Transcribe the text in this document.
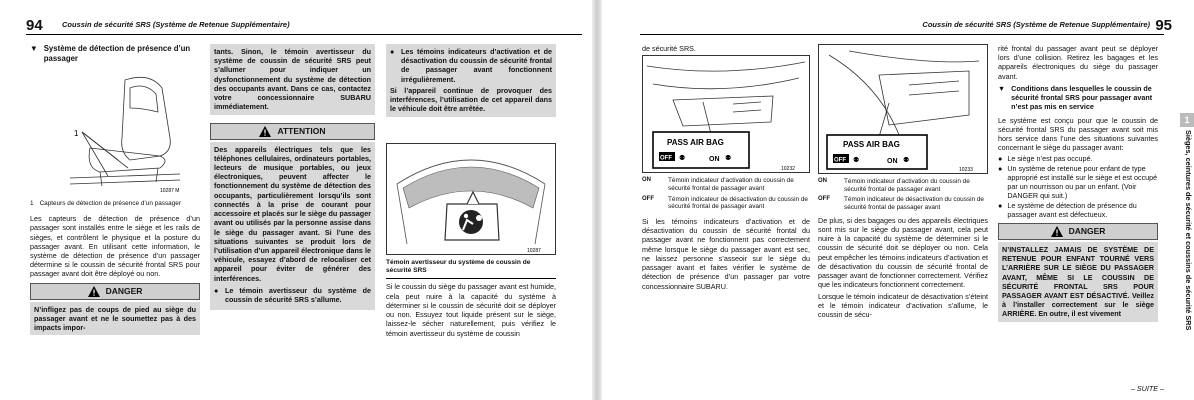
94	Coussin de sécurité SRS (Système de Retenue Supplémentaire)
▼ Système de détection de présence d’un passager
1
10287 M
1 Capteurs de détection de présence d’un passager

Les capteurs de détection de présence d’un passager sont installés entre le siège et les rails de sièges, et contrôlent le physique et la posture du passager avant. En utilisant cette information, le système de détection de présence d’un passager détermine si le coussin de sécurité frontal SRS pour passager avant doit être déployé ou non.

DANGER
N’infligez pas de coups de pied au siège du passager avant et ne le soumettez pas à des impacts impor-
tants. Sinon, le témoin avertisseur du système de coussin de sécurité SRS peut s’allumer pour indiquer un dysfonctionnement du système de détection des occupants avant. Dans ce cas, contactez votre concessionnaire SUBARU immédiatement.
ATTENTION
Des appareils électriques tels que les téléphones cellulaires, ordinateurs portables, lecteurs de musique portables, ou jeux électroniques, peuvent affecter le fonctionnement du système de détection des occupants, particulièrement lorsqu’ils sont connectés à la prise de courant pour accessoire et placés sur le siège du passager avant ou utilisés par la personne assise dans le siège du passager avant. Si l’une des situations suivantes se produit lors de l’utilisation d’un appareil électronique dans le véhicule, essayez d’abord de relocaliser cet appareil pour éviter de générer des interférences.
● Le témoin avertisseur du système de coussin de sécurité SRS s’allume.
● Les témoins indicateurs d’activation et de désactivation du coussin de sécurité frontal de passager avant fonctionnent irrégulièrement.
Si l’appareil continue de provoquer des interférences, l’utilisation de cet appareil dans le véhicule doit être arrêtée.
10287
Témoin avertisseur du système de coussin de sécurité SRS

Si le coussin du siège du passager avant est humide, cela peut nuire à la capacité du système à déterminer si le coussin de sécurité doit se déployer ou non. Essuyez tout liquide présent sur le siège, laissez-le sécher naturellement, puis vérifiez le témoin avertisseur du système de coussin

Coussin de sécurité SRS (Système de Retenue Supplémentaire) 95

de sécurité SRS.

PASS AIR BAG
OFF ⚉	ON ⚉
10232
ON	Témoin indicateur d’activation du coussin de sécurité frontal de passager avant
OFF	Témoin indicateur de désactivation du coussin de sécurité frontal de passager avant

Si les témoins indicateurs d’activation et de désactivation du coussin de sécurité frontal du passager avant ne fonctionnent pas correctement même lorsque le siège du passager avant est sec, ne laissez personne s’asseoir sur le siège du passager avant et faites vérifier le système de détection de présence d’un passager par votre concessionnaire SUBARU.

PASS AIR BAG
OFF ⚉	ON ⚉
10233
ON	Témoin indicateur d’activation du coussin de sécurité frontal de passager avant
OFF	Témoin indicateur de désactivation du coussin de sécurité frontal de passager avant

De plus, si des bagages ou des appareils électriques sont mis sur le siège du passager avant, cela peut nuire à la capacité du système de déterminer si le coussin de sécurité doit se déployer ou non. Cela peut empêcher les témoins indicateurs d’activation et de désactivation du coussin de sécurité frontal de passager avant de fonctionner correctement. Vérifiez que les indicateurs fonctionnent correctement.

Lorsque le témoin indicateur de désactivation s’éteint et le témoin indicateur d’activation s’allume, le coussin de sécu-

rité frontal du passager avant peut se déployer lors d’une collision. Retirez les bagages et les appareils électroniques du siège du passager avant.

▼ Conditions dans lesquelles le coussin de sécurité frontal SRS pour passager avant n’est pas mis en service

Le système est conçu pour que le coussin de sécurité frontal SRS du passager avant soit mis hors service dans l’une des situations suivantes concernant le siège du passager avant:

● Le siège n’est pas occupé.
● Un système de retenue pour enfant de type approprié est installé sur le siège et est occupé par un nourrisson ou par un enfant. (Voir DANGER qui suit.)
● Le système de détection de présence du passager avant est défectueux.
DANGER
N’INSTALLEZ JAMAIS DE SYSTÈME DE RETENUE POUR ENFANT TOURNÉ VERS L’ARRIÈRE SUR LE SIÈGE DU PASSAGER AVANT, MÊME SI LE COUSSIN DE SÉCURITÉ FRONTAL SRS POUR PASSAGER AVANT EST DÉSACTIVÉ. Veillez à l’installer correctement sur le siège ARRIÈRE. En outre, il est vivement
1
Sièges, ceintures de sécurité et coussins de sécurité SRS
– SUITE –
